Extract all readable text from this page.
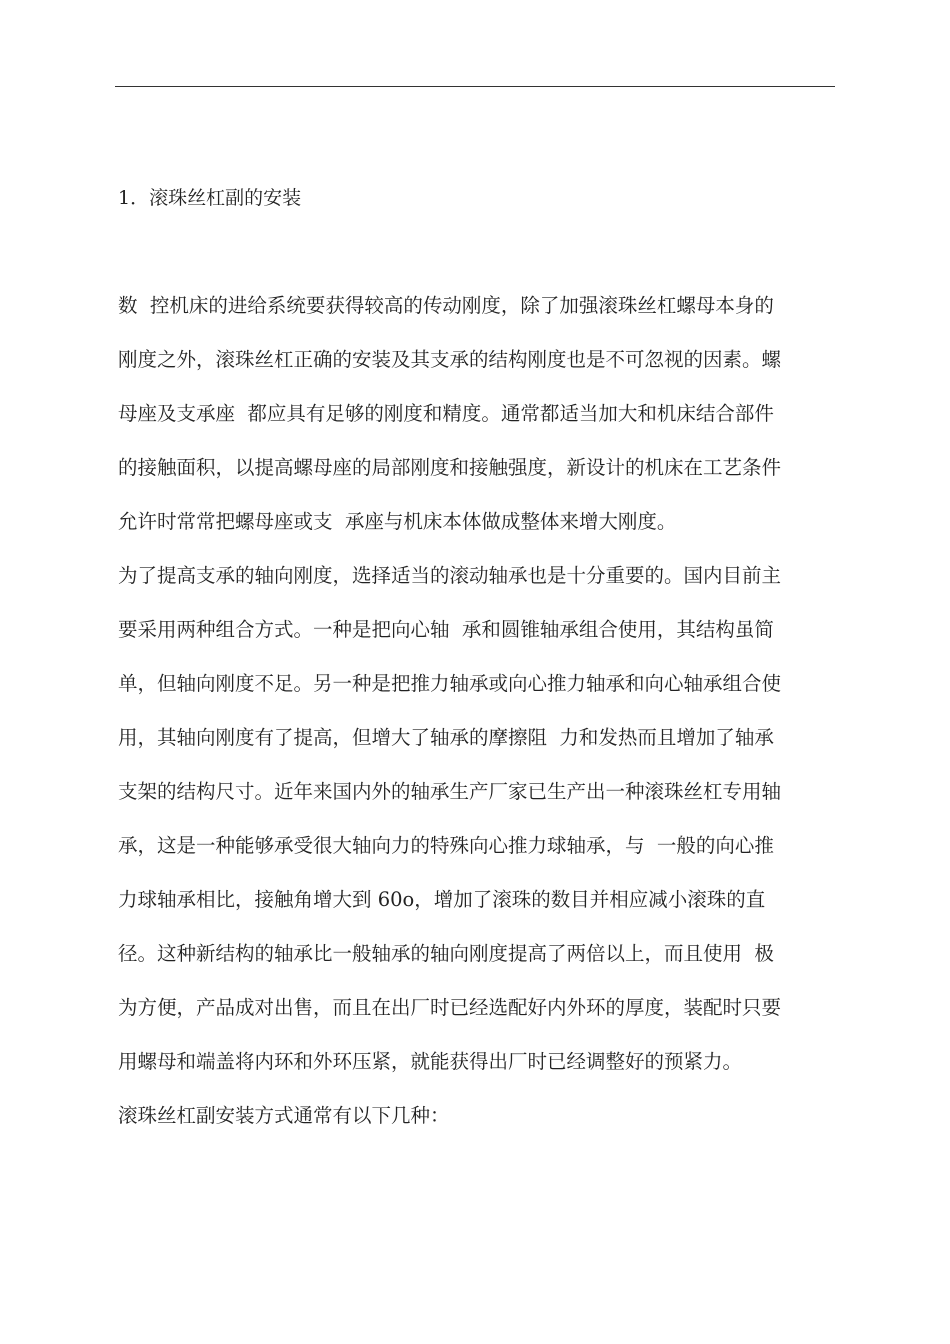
1．滚珠丝杠副的安装
数  控机床的进给系统要获得较高的传动刚度，除了加强滚珠丝杠螺母本身的
刚度之外，滚珠丝杠正确的安装及其支承的结构刚度也是不可忽视的因素。螺
母座及支承座  都应具有足够的刚度和精度。通常都适当加大和机床结合部件
的接触面积，以提高螺母座的局部刚度和接触强度，新设计的机床在工艺条件
允许时常常把螺母座或支  承座与机床本体做成整体来增大刚度。
为了提高支承的轴向刚度，选择适当的滚动轴承也是十分重要的。国内目前主
要采用两种组合方式。一种是把向心轴  承和圆锥轴承组合使用，其结构虽简
单，但轴向刚度不足。另一种是把推力轴承或向心推力轴承和向心轴承组合使
用，其轴向刚度有了提高，但增大了轴承的摩擦阻  力和发热而且增加了轴承
支架的结构尺寸。近年来国内外的轴承生产厂家已生产出一种滚珠丝杠专用轴
承，这是一种能够承受很大轴向力的特殊向心推力球轴承，与  一般的向心推
力球轴承相比，接触角增大到 60o，增加了滚珠的数目并相应减小滚珠的直
径。这种新结构的轴承比一般轴承的轴向刚度提高了两倍以上，而且使用  极
为方便，产品成对出售，而且在出厂时已经选配好内外环的厚度，装配时只要
用螺母和端盖将内环和外环压紧，就能获得出厂时已经调整好的预紧力。
滚珠丝杠副安装方式通常有以下几种：
